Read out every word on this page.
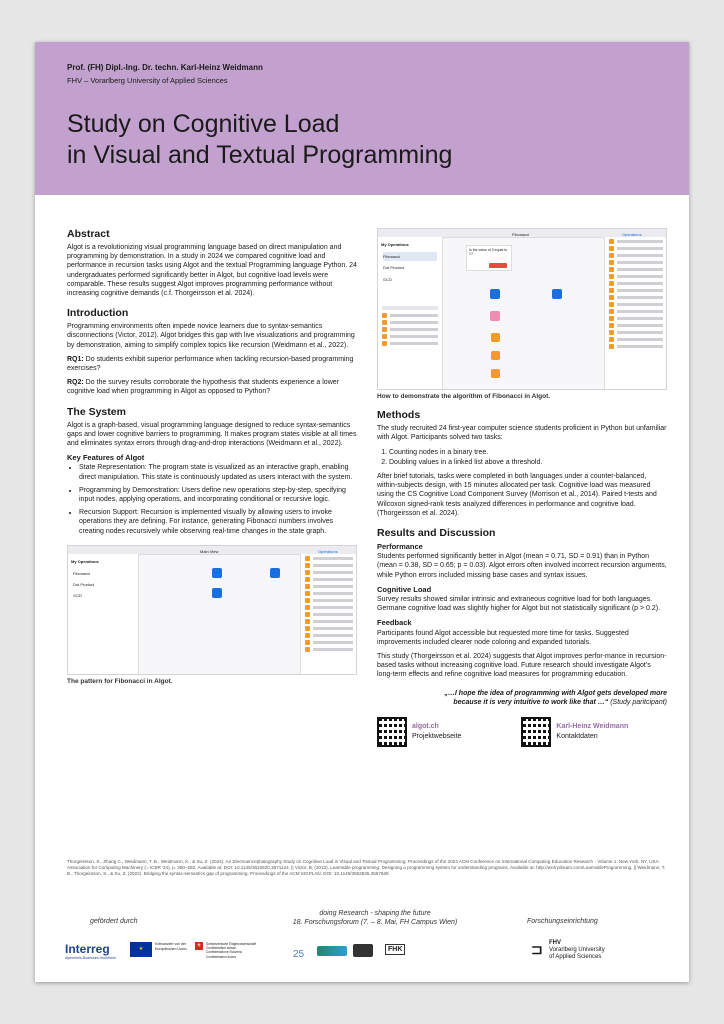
Prof. (FH) Dipl.-Ing. Dr. techn. Karl-Heinz Weidmann
FHV – Vorarlberg University of Applied Sciences
Study on Cognitive Load
in Visual and Textual Programming
Abstract

Algot is a revolutionizing visual programming language based on direct manipulation and programming by demonstration. In a study in 2024 we compared cognitive load and performance in recursion tasks using Algot and the textual Programming language Python. 24 undergraduates performed significantly better in Algot, but cognitive load levels were comparable. These results suggest Algot improves programming performance without increasing cognitive demands (c.f. Thorgeirsson et al. 2024).

Introduction

Programming environments often impede novice learners due to syntax-semantics disconnections (Victor, 2012). Algot bridges this gap with live visualizations and programming by demonstration, aiming to simplify complex topics like recursion (Weidmann et al., 2022).

RQ1: Do students exhibit superior performance when tackling recursion-based programming exercises?

RQ2: Do the survey results corroborate the hypothesis that students experience a lower cognitive load when programming in Algot as opposed to Python?

The System

Algot is a graph-based, visual programming language designed to reduce syntax-semantics gaps and lower cognitive barriers to programming. It makes program states visible at all times and eliminates syntax errors through drag-and-drop interactions (Weidmann et al., 2022).

Key Features of Algot
• State Representation: The program state is visualized as an interactive graph, enabling direct manipulation. This state is continuously updated as users interact with the system.
• Programming by Demonstration: Users define new operations step-by-step, specifying input nodes, applying operations, and incorporating conditional or recursive logic.
• Recursion Support: Recursion is implemented visually by allowing users to invoke operations they are defining. For instance, generating Fibonacci numbers involves creating nodes recursively while observing real-time changes in the state graph.
Main View	Operations
My Operations
Fibonacci
Dot Product
GCD
The pattern for Fibonacci in Algot.
Fibonacci	Operations
My Operations
Fibonacci
Dot Product
GCD
Is the value of 0 equal to 1?
How to demonstrate the algorithm of Fibonacci in Algot.
Methods

The study recruited 24 first-year computer science students proficient in Python but unfamiliar with Algot. Participants solved two tasks:

1. Counting nodes in a binary tree.
2. Doubling values in a linked list above a threshold.

After brief tutorials, tasks were completed in both languages under a counter-balanced, within-subjects design, with 15 minutes allocated per task. Cognitive load was measured using the CS Cognitive Load Component Survey (Morrison et al., 2014). Paired t-tests and Wilcoxon signed-rank tests analyzed differences in performance and cognitive load. (Thorgeirsson et al. 2024).

Results and Discussion
Performance

Students performed significantly better in Algot (mean = 0.71, SD = 0.91) than in Python (mean = 0.38, SD = 0.65; p = 0.03). Algot errors often involved incorrect recursion arguments, while Python errors included missing base cases and syntax issues.

Cognitive Load

Survey results showed similar intrinsic and extraneous cognitive load for both languages. Germane cognitive load was slightly higher for Algot but not statistically significant (p > 0.2).

Feedback

Participants found Algot accessible but requested more time for tasks. Suggested improvements included clearer node coloring and expanded tutorials.

This study (Thorgeirsson et al. 2024) suggests that Algot improves perfor-mance in recursion-based tasks without increasing cognitive load. Future research should investigate Algot's long-term effects and refine cognitive load measures for programming education.

„…I hope the idea of programming with Algot gets developed more
because it is very intuitive to work like that …“ (Study paritcipant)
algot.ch
Projektwebseite
Karl-Heinz Weidmann
Kontaktdaten
Thorgeirsson, S., Zhang C., Weidmann, T. B., Weidmann, K., & Su, Z. (2024). An Electroencephalography Study on Cognitive Load in Visual and Textual Programming. Proceedings of the 2024 ACM Conference on International Computing Education Research - Volume 1. New York, NY, USA: Association for Computing Machinery (= ICER '24), p. 280–292. Available at: DOI: 10.1145/3632620.3671124. || Victor, B. (2012). Learnable programming: Designing a programming system for understanding programs. Available at: http://worrydream.com/LearnableProgramming. || Weidmann, T. B., Thorgeirsson, S., & Su, Z. (2022). Bridging the syntax-semantics gap of programming. Proceedings of the ACM SIGPLAN. DOI: 10.1145/3563835.3567668
gefördert durch
doing Research - shaping the future
18. Forschungsforum (7. – 8. Mai, FH Campus Wien)	Forschungseinrichtung
Interreg
Alpenrhein-Bodensee-Hochrhein
★
Kofinanziert von der Europäischen Union	+	Schweizerische Eidgenossenschaft Confédération suisse Confederazione Svizzera Confederaziun svizra	25	FHK	⊐ FHV
Vorarlberg University
of Applied Sciences
